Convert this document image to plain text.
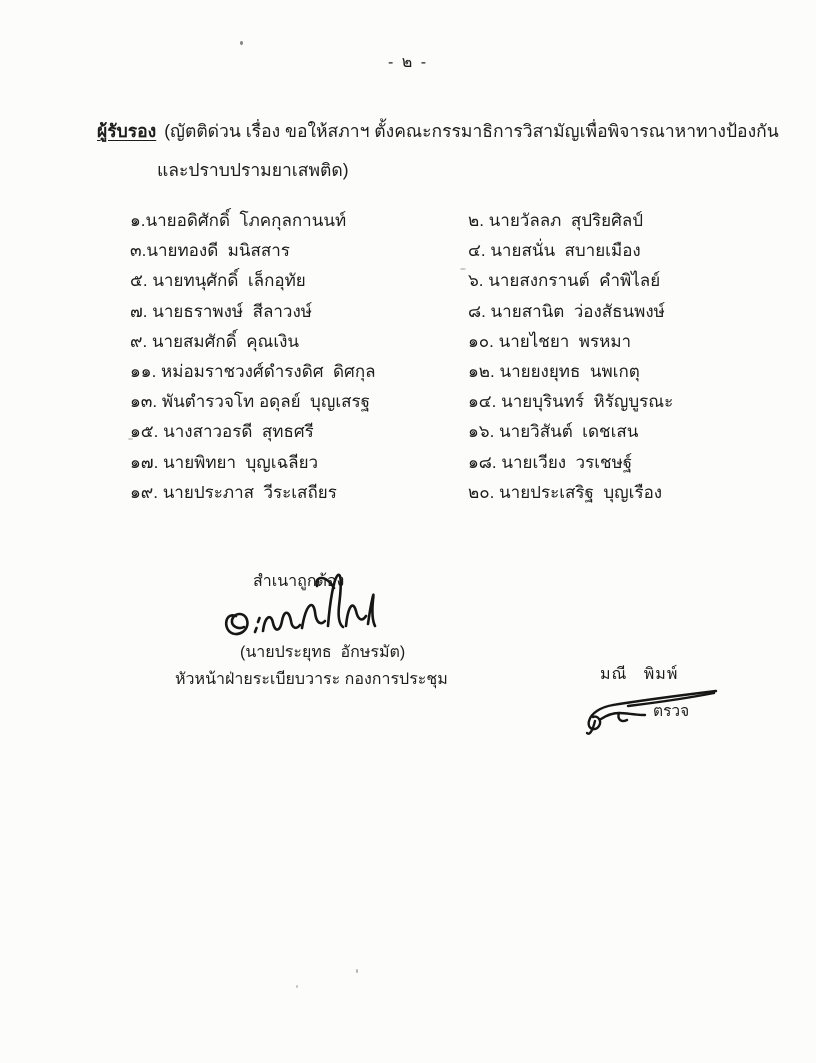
- ๒ -
ผู้รับรอง (ญัตติด่วน เรื่อง ขอให้สภาฯ ตั้งคณะกรรมาธิการวิสามัญเพื่อพิจารณาหาทางป้องกัน
และปราบปรามยาเสพติด)
๑.นายอดิศักดิ์  โภคกุลกานนท์	๒. นายวัลลภ  สุปริยศิลป์
๓.นายทองดี  มนิสสาร	๔. นายสนั่น  สบายเมือง
๕. นายทนุศักดิ์  เล็กอุทัย	๖. นายสงกรานต์  คำพิไลย์
๗. นายธราพงษ์  สีลาวงษ์	๘. นายสานิต  ว่องสัธนพงษ์
๙. นายสมศักดิ์  คุณเงิน	๑๐. นายไชยา  พรหมา
๑๑. หม่อมราชวงศ์ดำรงดิศ  ดิศกุล	๑๒. นายยงยุทธ  นพเกตุ
๑๓. พันตำรวจโท อดุลย์  บุญเสรฐ	๑๔. นายบุรินทร์  หิรัญบูรณะ
๑๕. นางสาวอรดี  สุทธศรี	๑๖. นายวิสันต์  เดชเสน
๑๗. นายพิทยา  บุญเฉลียว	๑๘. นายเวียง  วรเชษฐ์
๑๙. นายประภาส  วีระเสถียร	๒๐. นายประเสริฐ  บุญเรือง
สำเนาถูกต้อง
(นายประยุทธ  อักษรมัต)
หัวหน้าฝ่ายระเบียบวาระ กองการประชุม	มณี   พิมพ์
ตรวจ
